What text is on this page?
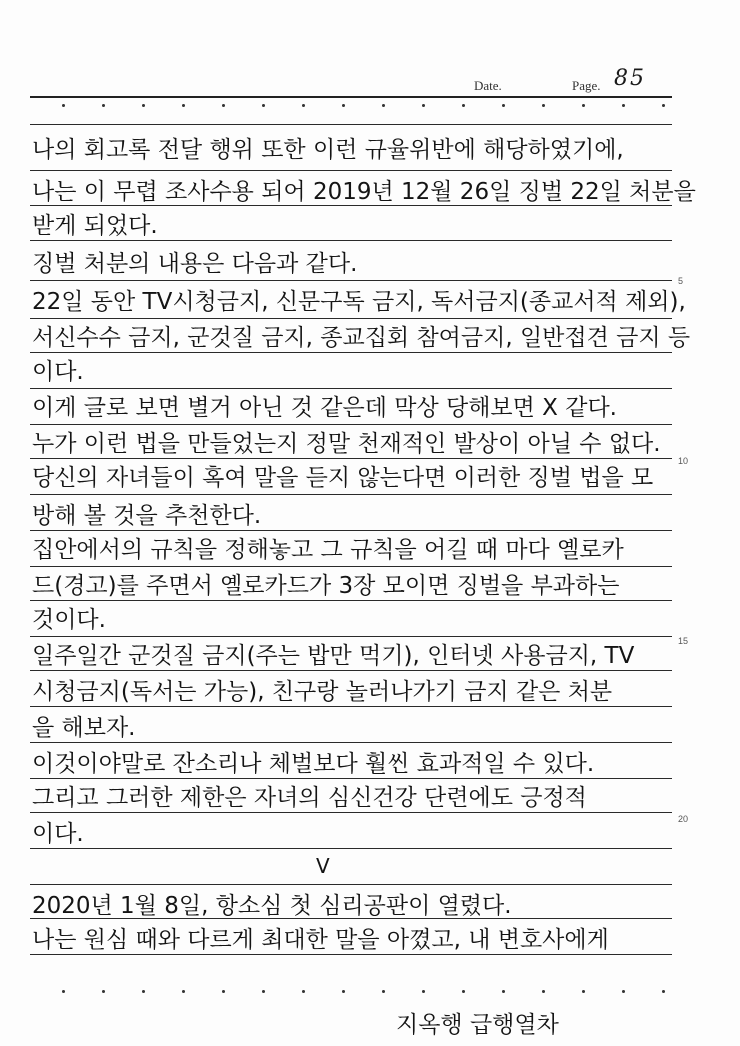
Date.	Page. 85
나의 회고록 전달 행위 또한 이런 규율위반에 해당하였기에,
나는 이 무렵 조사수용 되어 2019년 12월 26일 징벌 22일 처분을
받게 되었다.
징벌 처분의 내용은 다음과 같다.
22일 동안 TV시청금지, 신문구독 금지, 독서금지(종교서적 제외),
서신수수 금지, 군것질 금지, 종교집회 참여금지, 일반접견 금지 등
이다.
이게 글로 보면 별거 아닌 것 같은데 막상 당해보면 X 같다.
누가 이런 법을 만들었는지 정말 천재적인 발상이 아닐 수 없다.
당신의 자녀들이 혹여 말을 듣지 않는다면 이러한 징벌 법을 모
방해 볼 것을 추천한다.
집안에서의 규칙을 정해놓고 그 규칙을 어길 때 마다 옐로카
드(경고)를 주면서 옐로카드가 3장 모이면 징벌을 부과하는
것이다.
일주일간 군것질 금지(주는 밥만 먹기), 인터넷 사용금지, TV
시청금지(독서는 가능), 친구랑 놀러나가기 금지 같은 처분
을 해보자.
이것이야말로 잔소리나 체벌보다 훨씬 효과적일 수 있다.
그리고 그러한 제한은 자녀의 심신건강 단련에도 긍정적
이다.
V
2020년 1월 8일, 항소심 첫 심리공판이 열렸다.
나는 원심 때와 다르게 최대한 말을 아꼈고, 내 변호사에게
5
10
15
20
지옥행 급행열차
